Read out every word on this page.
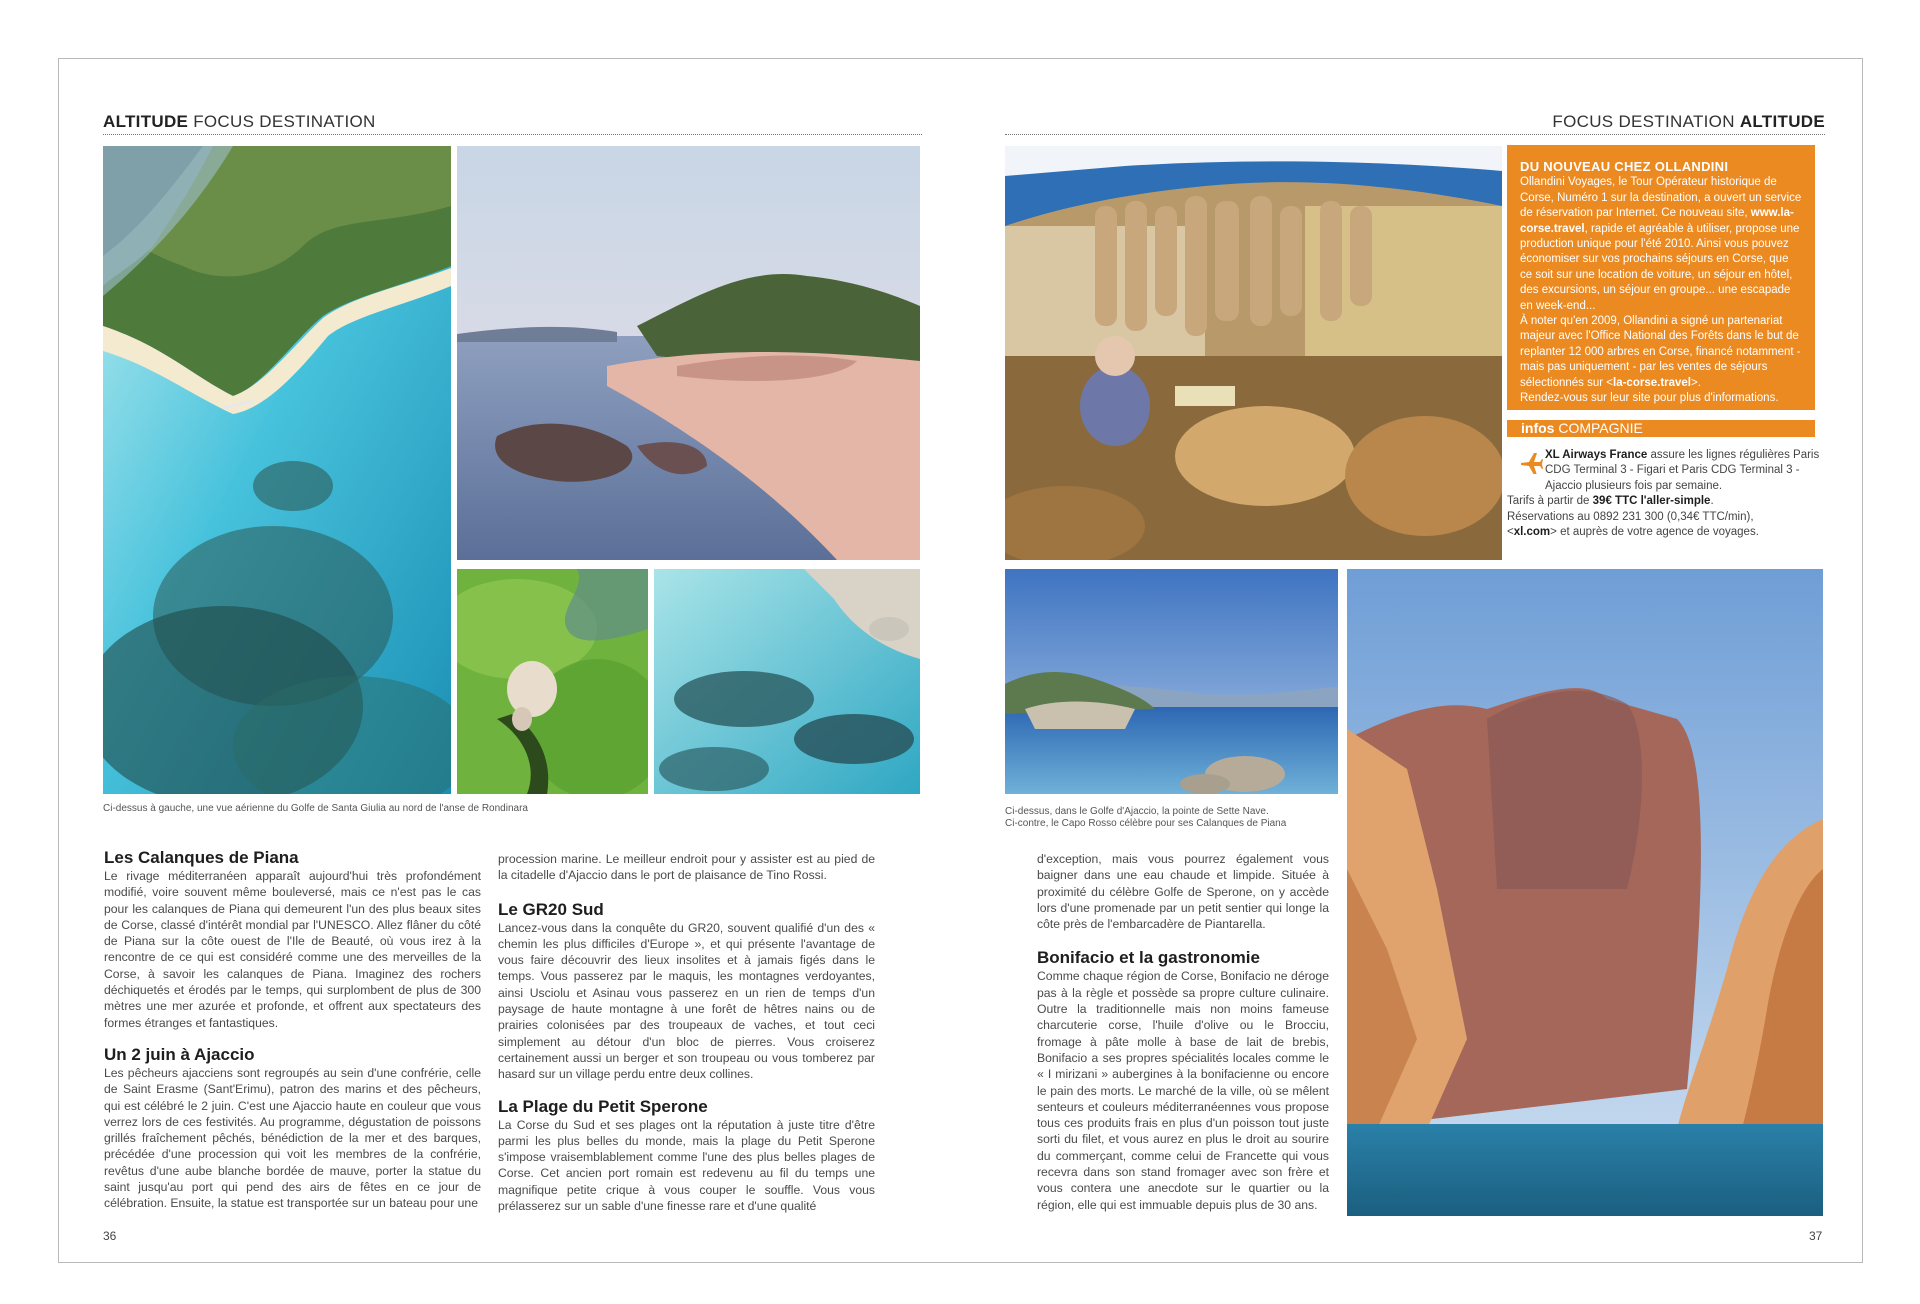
ALTITUDE FOCUS DESTINATION	FOCUS DESTINATION ALTITUDE
Ci-dessus à gauche, une vue aérienne du Golfe de Santa Giulia au nord de l'anse de Rondinara
DU NOUVEAU CHEZ OLLANDINI

Ollandini Voyages, le Tour Opérateur historique de Corse, Numéro 1 sur la destination, a ouvert un service de réservation par Internet. Ce nouveau site, www.la-corse.travel, rapide et agréable à utiliser, propose une production unique pour l'été 2010. Ainsi vous pouvez économiser sur vos prochains séjours en Corse, que ce soit sur une location de voiture, un séjour en hôtel, des excursions, un séjour en groupe... une escapade en week-end...

À noter qu'en 2009, Ollandini a signé un partenariat majeur avec l'Office National des Forêts dans le but de replanter 12 000 arbres en Corse, financé notamment - mais pas uniquement - par les ventes de séjours sélectionnés sur <la-corse.travel>.

Rendez-vous sur leur site pour plus d'informations.

infos COMPAGNIE
XL Airways France assure les lignes régulières Paris CDG Terminal 3 - Figari et Paris CDG Terminal 3 - Ajaccio plusieurs fois par semaine.
Tarifs à partir de 39€ TTC l'aller-simple.
Réservations au 0892 231 300 (0,34€ TTC/min),
<xl.com> et auprès de votre agence de voyages.
Ci-dessus, dans le Golfe d'Ajaccio, la pointe de Sette Nave.
Ci-contre, le Capo Rosso célèbre pour ses Calanques de Piana
Les Calanques de Piana

Le rivage méditerranéen apparaît aujourd'hui très profondément modifié, voire souvent même bouleversé, mais ce n'est pas le cas pour les calanques de Piana qui demeurent l'un des plus beaux sites de Corse, classé d'intérêt mondial par l'UNESCO. Allez flâner du côté de Piana sur la côte ouest de l'Ile de Beauté, où vous irez à la rencontre de ce qui est considéré comme une des merveilles de la Corse, à savoir les calanques de Piana. Imaginez des rochers déchiquetés et érodés par le temps, qui surplombent de plus de 300 mètres une mer azurée et profonde, et offrent aux spectateurs des formes étranges et fantastiques.

Un 2 juin à Ajaccio

Les pêcheurs ajacciens sont regroupés au sein d'une confrérie, celle de Saint Erasme (Sant'Erimu), patron des marins et des pêcheurs, qui est célébré le 2 juin. C'est une Ajaccio haute en couleur que vous verrez lors de ces festivités. Au programme, dégustation de poissons grillés fraîchement pêchés, bénédiction de la mer et des barques, précédée d'une procession qui voit les membres de la confrérie, revêtus d'une aube blanche bordée de mauve, porter la statue du saint jusqu'au port qui pend des airs de fêtes en ce jour de célébration. Ensuite, la statue est transportée sur un bateau pour une

procession marine. Le meilleur endroit pour y assister est au pied de la citadelle d'Ajaccio dans le port de plaisance de Tino Rossi.

Le GR20 Sud

Lancez-vous dans la conquête du GR20, souvent qualifié d'un des « chemin les plus difficiles d'Europe », et qui présente l'avantage de vous faire découvrir des lieux insolites et à jamais figés dans le temps. Vous passerez par le maquis, les montagnes verdoyantes, ainsi Usciolu et Asinau vous passerez en un rien de temps d'un paysage de haute montagne à une forêt de hêtres nains ou de prairies colonisées par des troupeaux de vaches, et tout ceci simplement au détour d'un bloc de pierres. Vous croiserez certainement aussi un berger et son troupeau ou vous tomberez par hasard sur un village perdu entre deux collines.

La Plage du Petit Sperone

La Corse du Sud et ses plages ont la réputation à juste titre d'être parmi les plus belles du monde, mais la plage du Petit Sperone s'impose vraisemblablement comme l'une des plus belles plages de Corse. Cet ancien port romain est redevenu au fil du temps une magnifique petite crique à vous couper le souffle. Vous vous prélasserez sur un sable d'une finesse rare et d'une qualité

d'exception, mais vous pourrez également vous baigner dans une eau chaude et limpide. Située à proximité du célèbre Golfe de Sperone, on y accède lors d'une promenade par un petit sentier qui longe la côte près de l'embarcadère de Piantarella.

Bonifacio et la gastronomie

Comme chaque région de Corse, Bonifacio ne déroge pas à la règle et possède sa propre culture culinaire. Outre la traditionnelle mais non moins fameuse charcuterie corse, l'huile d'olive ou le Brocciu, fromage à pâte molle à base de lait de brebis, Bonifacio a ses propres spécialités locales comme le « I mirizani » aubergines à la bonifacienne ou encore le pain des morts. Le marché de la ville, où se mêlent senteurs et couleurs méditerranéennes vous propose tous ces produits frais en plus d'un poisson tout juste sorti du filet, et vous aurez en plus le droit au sourire du commerçant, comme celui de Francette qui vous recevra dans son stand fromager avec son frère et vous contera une anecdote sur le quartier ou la région, elle qui est immuable depuis plus de 30 ans.

36	37
